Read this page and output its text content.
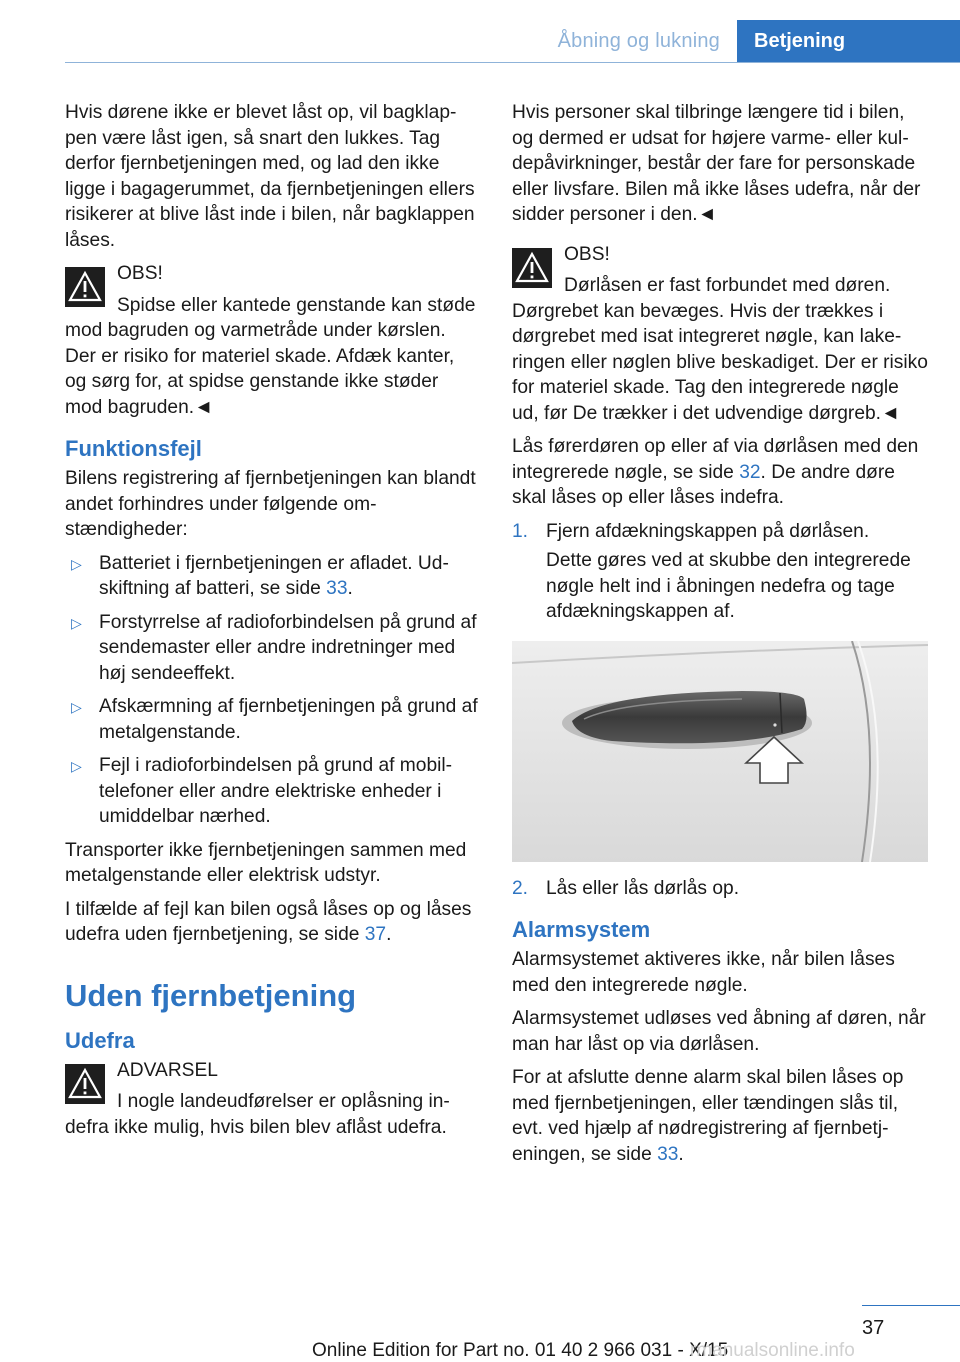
Åbning og lukning	Betjening

Hvis dørene ikke er blevet låst op, vil bagklappen være låst igen, så snart den lukkes. Tag derfor fjernbetjeningen med, og lad den ikke ligge i bagagerummet, da fjernbetjeningen ellers risikerer at blive låst inde i bilen, når bagklappen låses.

OBS!

Spidse eller kantede genstande kan støde mod bagruden og varmetråde under kørslen. Der er risiko for materiel skade. Afdæk kanter, og sørg for, at spidse genstande ikke støder mod bagruden.◄

Funktionsfejl

Bilens registrering af fjernbetjeningen kan blandt andet forhindres under følgende omstændigheder:

▷ Batteriet i fjernbetjeningen er afladet. Udskiftning af batteri, se side 33.
▷ Forstyrrelse af radioforbindelsen på grund af sendemaster eller andre indretninger med høj sendeeffekt.
▷ Afskærmning af fjernbetjeningen på grund af metalgenstande.
▷ Fejl i radioforbindelsen på grund af mobiltelefoner eller andre elektriske enheder i umiddelbar nærhed.

Transporter ikke fjernbetjeningen sammen med metalgenstande eller elektrisk udstyr.

I tilfælde af fejl kan bilen også låses op og låses udefra uden fjernbetjening, se side 37.

Uden fjernbetjening
Udefra

ADVARSEL

I nogle landeudførelser er oplåsning indefra ikke mulig, hvis bilen blev aflåst udefra.

Hvis personer skal tilbringe længere tid i bilen, og dermed er udsat for højere varme- eller kuldepåvirkninger, består der fare for personskade eller livsfare. Bilen må ikke låses udefra, når der sidder personer i den.◄

OBS!

Dørlåsen er fast forbundet med døren. Dørgrebet kan bevæges. Hvis der trækkes i dørgrebet med isat integreret nøgle, kan lakeringen eller nøglen blive beskadiget. Der er risiko for materiel skade. Tag den integrerede nøgle ud, før De trækker i det udvendige dørgreb.◄

Lås førerdøren op eller af via dørlåsen med den integrerede nøgle, se side 32. De andre døre skal låses op eller låses indefra.

1. Fjern afdækningskappen på dørlåsen.

Dette gøres ved at skubbe den integrerede nøgle helt ind i åbningen nedefra og tage afdækningskappen af.

2. Lås eller lås dørlås op.
Alarmsystem

Alarmsystemet aktiveres ikke, når bilen låses med den integrerede nøgle.

Alarmsystemet udløses ved åbning af døren, når man har låst op via dørlåsen.

For at afslutte denne alarm skal bilen låses op med fjernbetjeningen, eller tændingen slås til, evt. ved hjælp af nødregistrering af fjernbetjeningen, se side 33.

37
Online Edition for Part no. 01 40 2 966 031 - X/15
rmanualsonline.info
